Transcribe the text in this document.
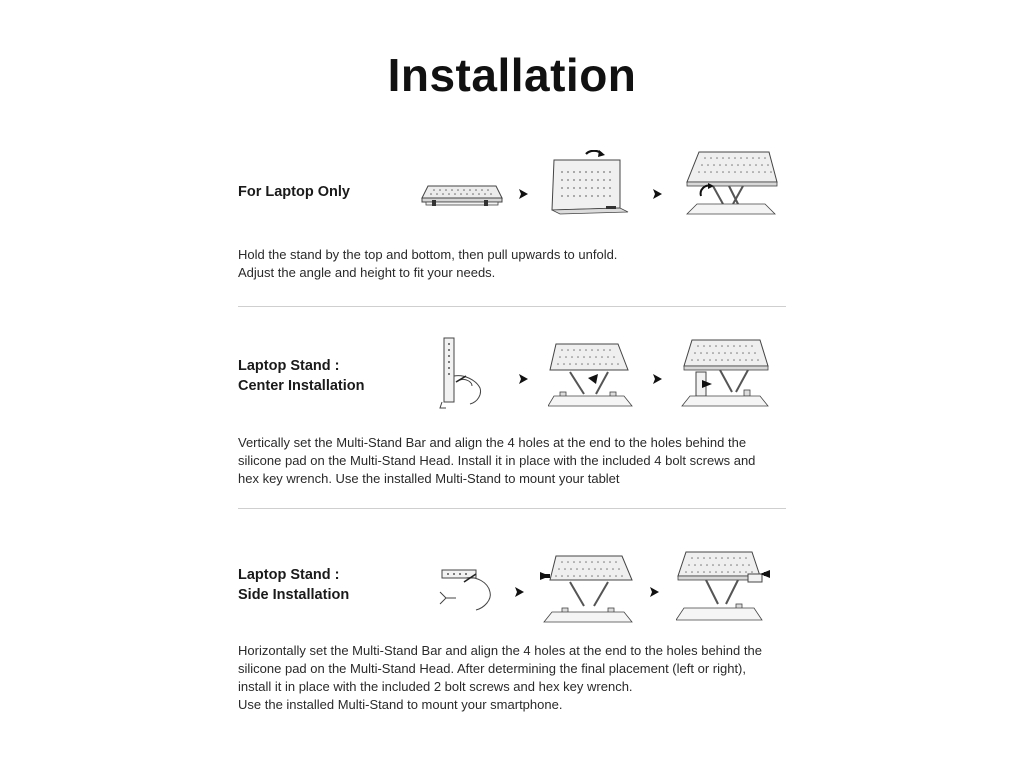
Installation
For Laptop Only
Hold the stand by the top and bottom, then pull upwards to unfold.
Adjust the angle and height to fit your needs.
Laptop Stand :
Center Installation
Vertically set the Multi-Stand Bar and align the 4 holes at the end to the holes behind the
silicone pad on the Multi-Stand Head. Install it in place with the included 4 bolt screws and
hex key wrench. Use the installed Multi-Stand to mount your tablet
Laptop Stand :
Side Installation
Horizontally set the Multi-Stand Bar and align the 4 holes at the end to the holes behind the
silicone pad on the Multi-Stand Head. After determining the final placement (left or right),
install it in place with the included 2 bolt screws and hex key wrench.
Use the installed Multi-Stand to mount your smartphone.
